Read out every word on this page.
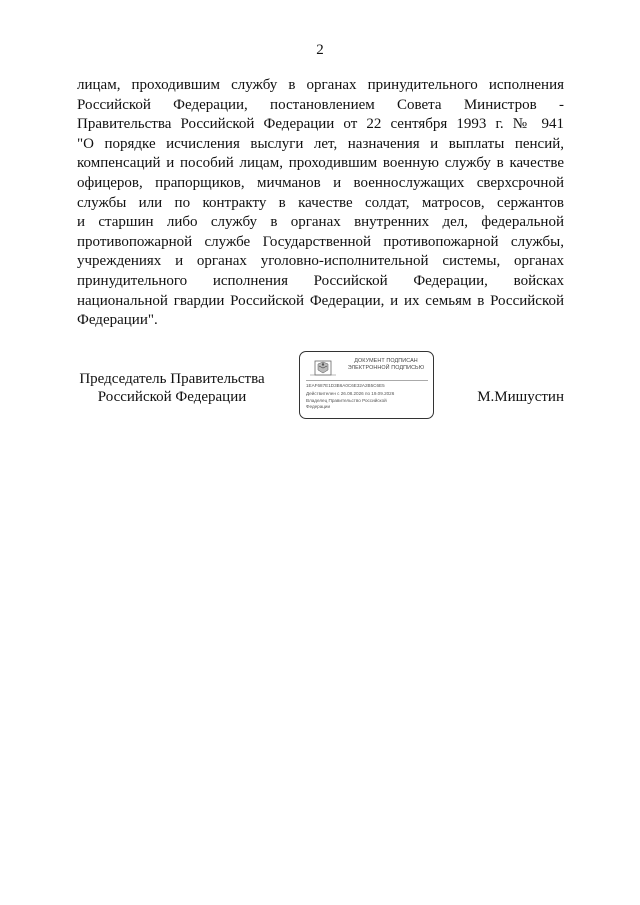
2
лицам, проходившим службу в органах принудительного исполнения
Российской Федерации, постановлением Совета Министров -
Правительства Российской Федерации от 22 сентября 1993 г. № 941
"О порядке исчисления выслуги лет, назначения и выплаты пенсий,
компенсаций и пособий лицам, проходившим военную службу в качестве
офицеров, прапорщиков, мичманов и военнослужащих сверхсрочной
службы или по контракту в качестве солдат, матросов, сержантов
и старшин либо службу в органах внутренних дел, федеральной
противопожарной службе Государственной противопожарной службы,
учреждениях и органах уголовно-исполнительной системы, органах
принудительного исполнения Российской Федерации, войсках
национальной гвардии Российской Федерации, и их семьям в Российской
Федерации".
Председатель Правительства
Российской Федерации
ДОКУМЕНТ ПОДПИСАН
ЭЛЕКТРОННОЙ ПОДПИСЬЮ
1EAF687E1D3B6A0C6E32A2B5C6E5
Действителен с 26.08.2026 по 19.09.2026
Владелец Правительство Российской
Федерации
М.Мишустин
